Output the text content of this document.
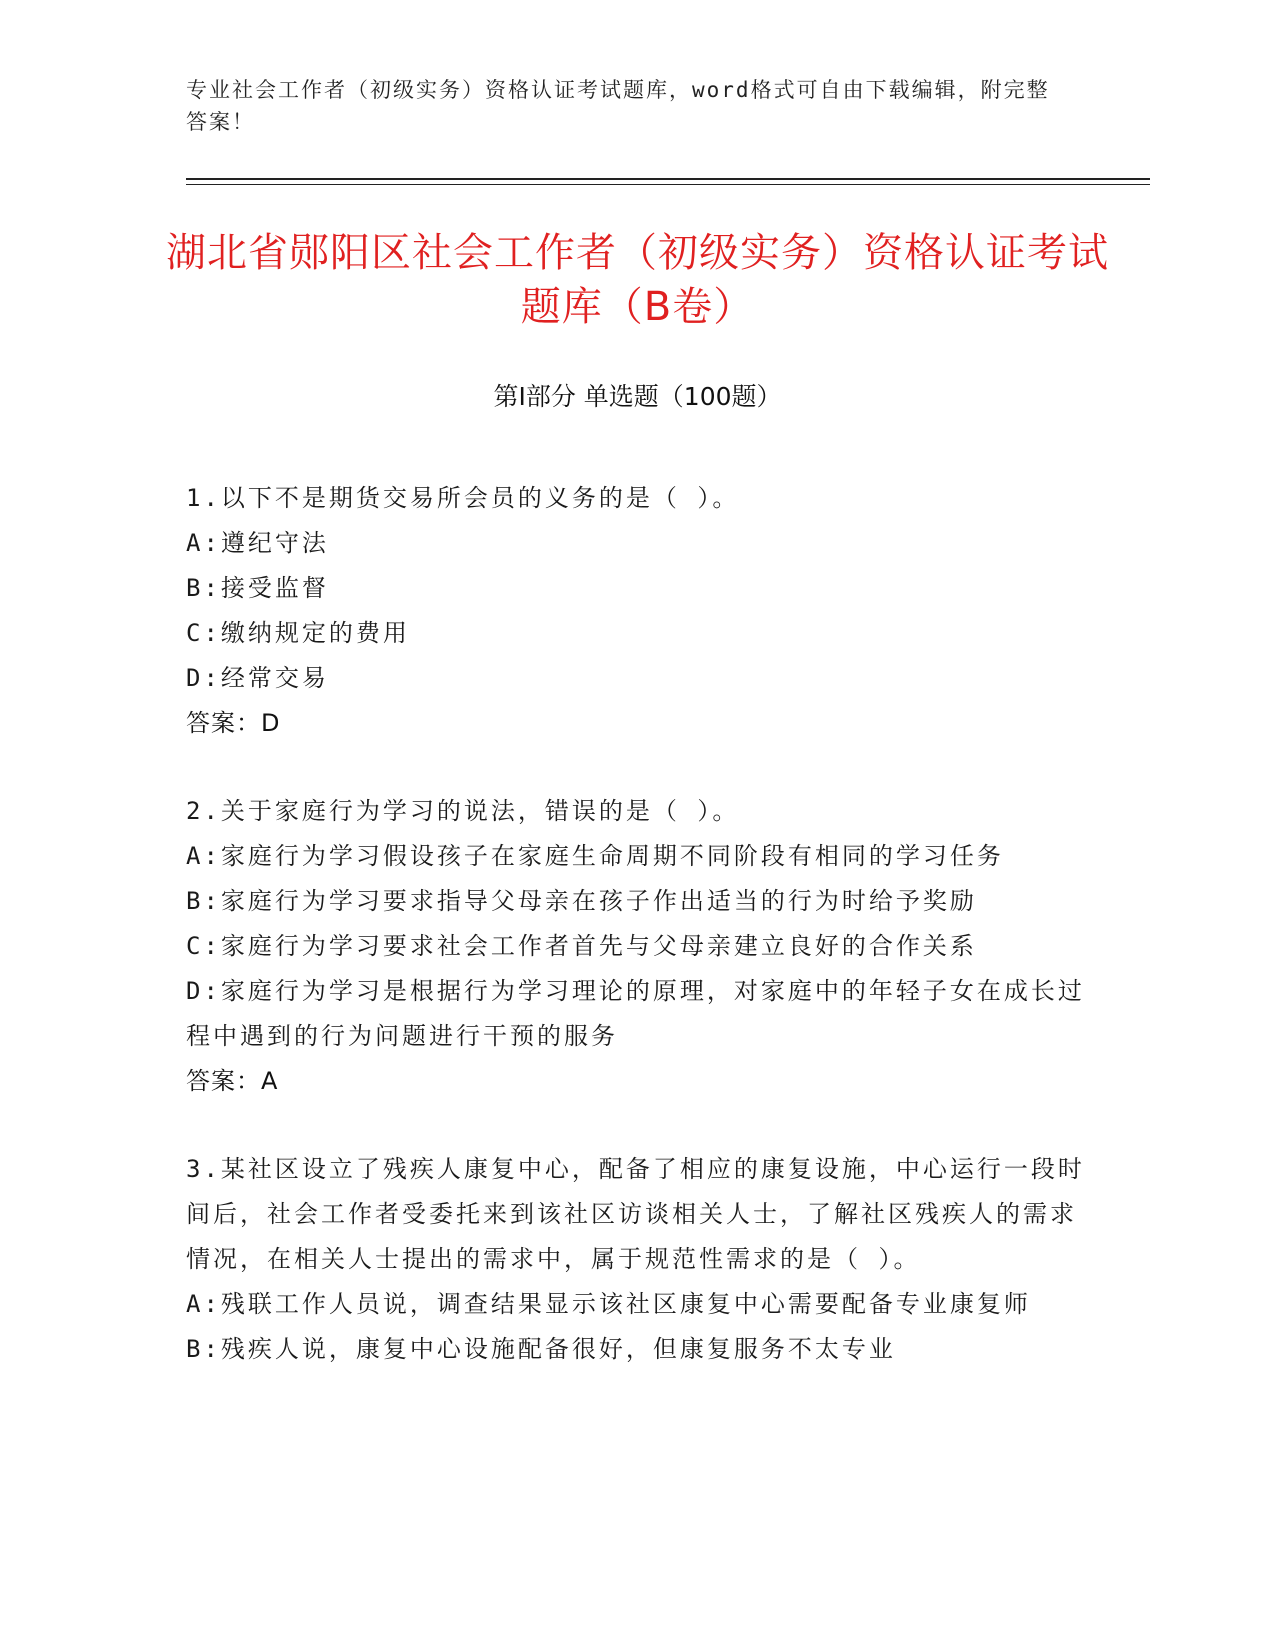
专业社会工作者（初级实务）资格认证考试题库，word格式可自由下载编辑，附完整答案！
湖北省郧阳区社会工作者（初级实务）资格认证考试题库（B卷）
第Ⅰ部分 单选题（100题）
1.以下不是期货交易所会员的义务的是（ ）。
A:遵纪守法
B:接受监督
C:缴纳规定的费用
D:经常交易
答案：D
2.关于家庭行为学习的说法，错误的是（ ）。
A:家庭行为学习假设孩子在家庭生命周期不同阶段有相同的学习任务
B:家庭行为学习要求指导父母亲在孩子作出适当的行为时给予奖励
C:家庭行为学习要求社会工作者首先与父母亲建立良好的合作关系
D:家庭行为学习是根据行为学习理论的原理，对家庭中的年轻子女在成长过程中遇到的行为问题进行干预的服务
答案：A
3.某社区设立了残疾人康复中心，配备了相应的康复设施，中心运行一段时间后，社会工作者受委托来到该社区访谈相关人士，了解社区残疾人的需求情况，在相关人士提出的需求中，属于规范性需求的是（ ）。
A:残联工作人员说，调查结果显示该社区康复中心需要配备专业康复师
B:残疾人说，康复中心设施配备很好，但康复服务不太专业
